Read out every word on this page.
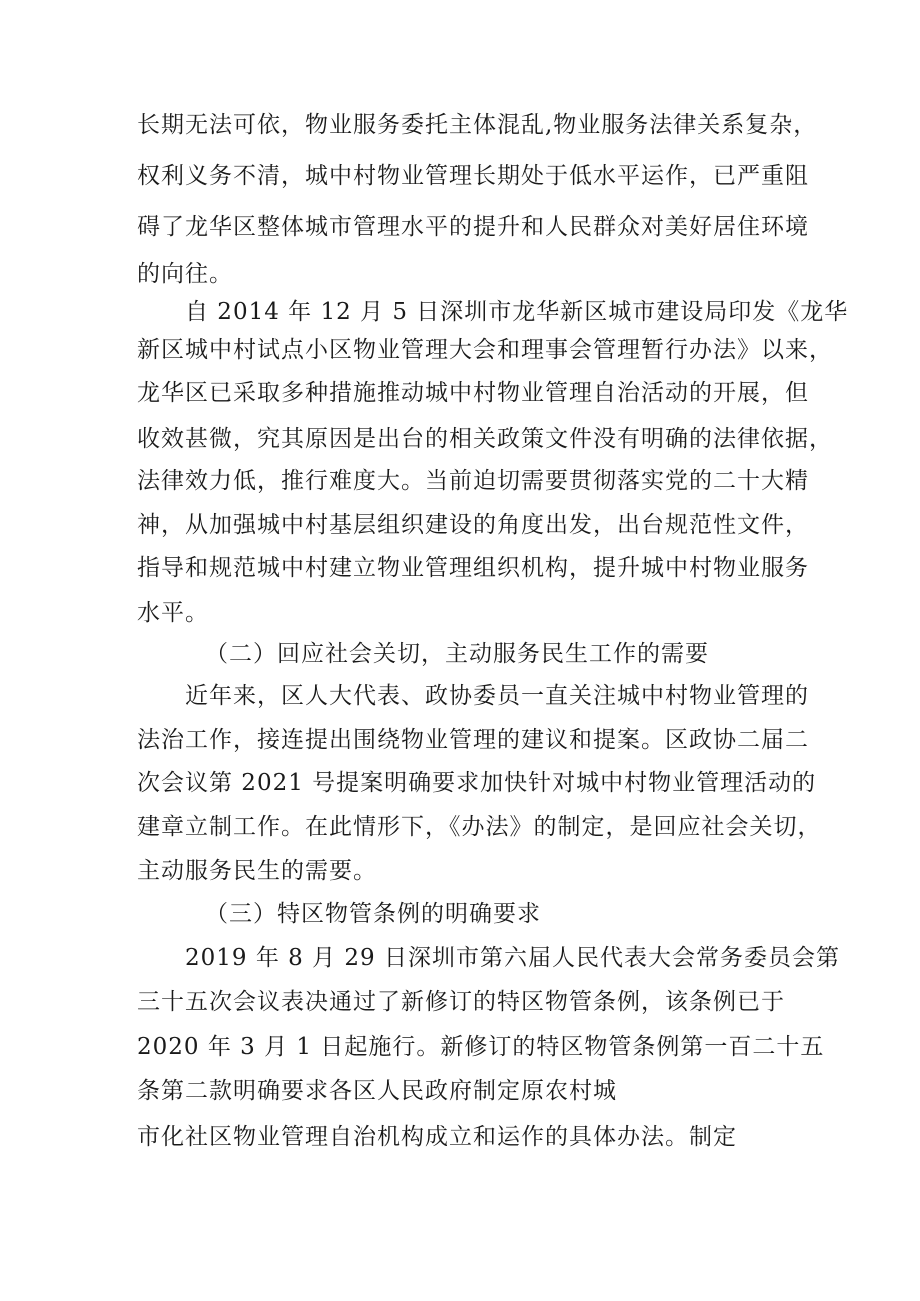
长期无法可依，物业服务委托主体混乱,物业服务法律关系复杂，
权利义务不清，城中村物业管理长期处于低水平运作，已严重阻
碍了龙华区整体城市管理水平的提升和人民群众对美好居住环境
的向往。
自 2014 年 12 月 5 日深圳市龙华新区城市建设局印发《龙华
新区城中村试点小区物业管理大会和理事会管理暂行办法》以来，
龙华区已采取多种措施推动城中村物业管理自治活动的开展，但
收效甚微，究其原因是出台的相关政策文件没有明确的法律依据，
法律效力低，推行难度大。当前迫切需要贯彻落实党的二十大精
神，从加强城中村基层组织建设的角度出发，出台规范性文件，
指导和规范城中村建立物业管理组织机构，提升城中村物业服务
水平。
（二）回应社会关切，主动服务民生工作的需要
近年来，区人大代表、政协委员一直关注城中村物业管理的
法治工作，接连提出围绕物业管理的建议和提案。区政协二届二
次会议第 2021 号提案明确要求加快针对城中村物业管理活动的
建章立制工作。在此情形下，《办法》的制定，是回应社会关切，
主动服务民生的需要。
（三）特区物管条例的明确要求
2019 年 8 月 29 日深圳市第六届人民代表大会常务委员会第
三十五次会议表决通过了新修订的特区物管条例，该条例已于
2020 年 3 月 1 日起施行。新修订的特区物管条例第一百二十五
条第二款明确要求各区人民政府制定原农村城
市化社区物业管理自治机构成立和运作的具体办法。制定
